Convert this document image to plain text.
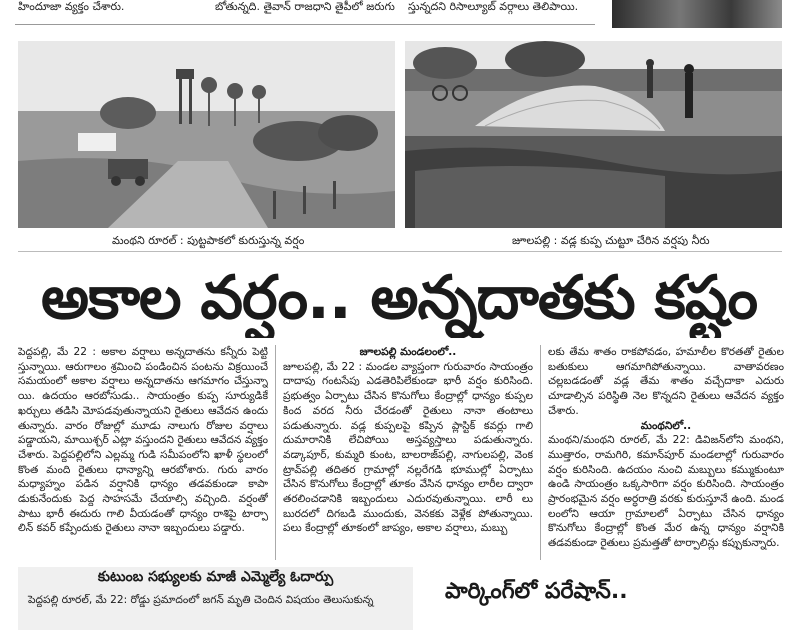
హిందూజా వ్యక్తం చేశారు.	బోతున్నది. తైవాన్ రాజధాని తైపీలో జరుగు	స్తున్నదని రిసాల్యూబ్ వర్గాలు తెలిపాయి.
మంథని రూరల్ : పుట్టపాకలో కురుస్తున్న వర్షం	జూలపల్లి : వడ్ల కుప్ప చుట్టూ చేరిన వర్షపు నీరు
అకాల వర్షం.. అన్నదాతకు కష్టం

పెద్దపల్లి, మే 22 : అకాల వర్షాలు అన్నదాతను కన్నీరు పెట్టి స్తున్నాయి. ఆరుగాలం శ్రమించి పండించిన పంటను విక్రయించే సమయంలో అకాల వర్షాలు అన్నదాతను ఆగమాగం చేస్తున్నా యి. ఉదయం ఆరబోసుడు.. సాయంత్రం కుప్ప సూర్యుడికే ఖర్చులు తడిసి మోపడవుతున్నాయని రైతులు ఆవేదన ఉందు తున్నారు. వారం రోజుల్లో మూడు నాలుగు రోజుల వర్షాలు పడ్డాయని, మాయిశ్చర్ ఎట్లా వస్తుందని రైతులు ఆవేదన వ్యక్తం చేశారు. పెద్దపల్లిలోని ఎల్లమ్మ గుడి సమీపంలోని ఖాళీ స్థలంలో కొంత మంది రైతులు ధాన్యాన్ని ఆరబోశారు. గురు వారం మధ్యాహ్నం పడిన వర్షానికి ధాన్యం తడవకుండా కాపా డుకునేందుకు పెద్ద సాహసమే చేయాల్సి వచ్చింది. వర్షంతో పాటు భారీ ఈదురు గాలి వీయడంతో ధాన్యం రాశిపై టార్పా లిన్ కవర్ కప్పేందుకు రైతులు నానా ఇబ్బందులు పడ్డారు.

జూలపల్లి మండలంలో..

జూలపల్లి, మే 22 : మండల వ్యాప్తంగా గురువారం సాయంత్రం దాదాపు గంటసేపు ఎడతెరిపిలేకుండా భారీ వర్షం కురిసింది. ప్రభుత్వం ఏర్పాటు చేసిన కొనుగోలు కేంద్రాల్లో ధాన్యం కుప్పల కింద వరద నీరు చేరడంతో రైతులు నానా తంటాలు పడుతున్నారు. వడ్ల కుప్పలపై కప్పిన ప్లాస్టిక్ కవర్లు గాలి దుమారానికి లేచిపోయి అస్తవ్యస్తాలు పడుతున్నారు. వడ్కాపూర్, కుమ్మరి కుంట, బాలరాజ్‌పల్లి, నాగులపల్లి, వెంక ట్రావ్‌పల్లి తదితర గ్రామాల్లో నల్లరేగడి భూముల్లో ఏర్పాటు చేసిన కొనుగోలు కేంద్రాల్లో తూకం వేసిన ధాన్యం లారీల ద్వారా తరలించడానికి ఇబ్బందులు ఎదురవుతున్నాయి. లారీ లు బురదలో దిగబడి ముందుకు, వెనకకు వెళ్లేక పోతున్నాయి. పలు కేంద్రాల్లో తూకంలో జాప్యం, అకాల వర్షాలు, మబ్బు

లకు తేమ శాతం రాకపోవడం, హమాలీల కొరతతో రైతుల బతుకులు ఆగమాగిపోతున్నాయి. వాతావరణం చల్లబడడంతో వడ్ల తేమ శాతం వచ్చేదాకా ఎదురు చూడాల్సిన పరిస్థితి నెల కొన్నదని రైతులు ఆవేదన వ్యక్తం చేశారు.

మంథనిలో..

మంథని/మంథని రూరల్, మే 22: డివిజన్‌లోని మంథని, ముత్తారం, రామగిరి, కమాన్‌పూర్ మండలాల్లో గురువారం వర్షం కురిసింది. ఉదయం నుంచి మబ్బులు కమ్ముకుంటూ ఉండి సాయంత్రం ఒక్కసారిగా వర్షం కురిసింది. సాయంత్రం ప్రారంభమైన వర్షం అర్ధరాత్రి వరకు కురుస్తూనే ఉంది. మండ లంలోని ఆయా గ్రామాలలో ఏర్పాటు చేసిన ధాన్యం కొనుగోలు కేంద్రాల్లో కొంత మేర ఉన్న ధాన్యం వర్షానికి తడవకుండా రైతులు ప్రమత్తతో టార్పాలిన్లు కప్పుకున్నారు.

కుటుంబ సభ్యులకు మాజీ ఎమ్మెల్యే ఓదార్పు
పెద్దపల్లి రూరల్, మే 22: రోడ్డు ప్రమాదంలో జగన్ మృతి చెందిన విషయం తెలుసుకున్న	పార్కింగ్‌లో పరేషాన్..
